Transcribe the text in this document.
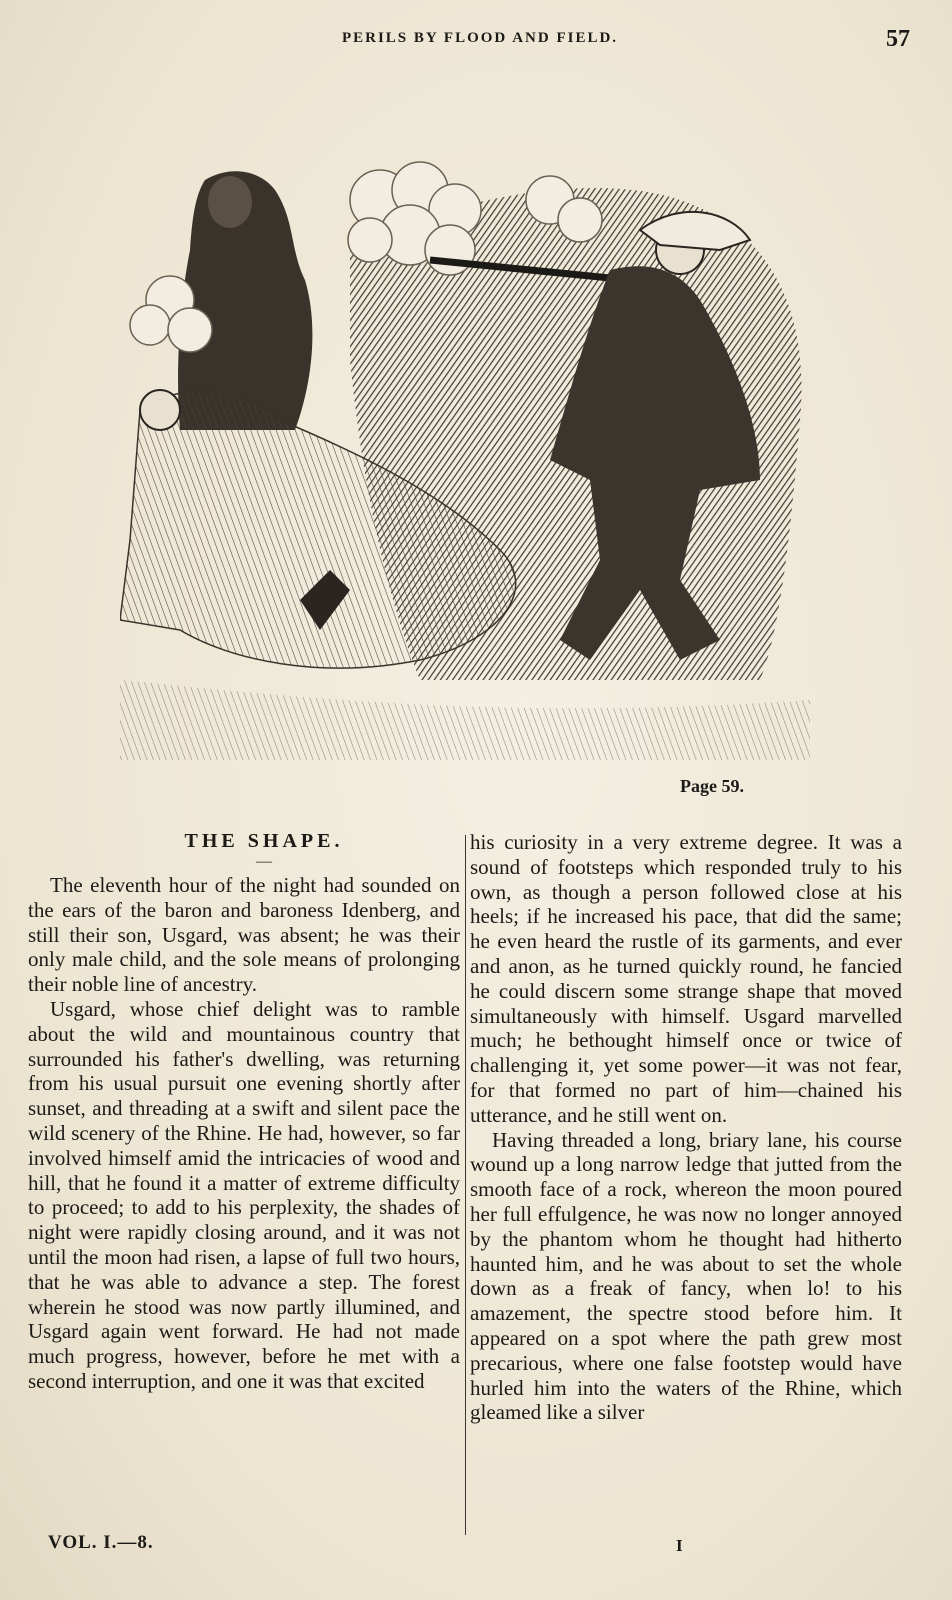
PERILS BY FLOOD AND FIELD.	57
Page 59.
THE SHAPE.
—

The eleventh hour of the night had sounded on the ears of the baron and baroness Idenberg, and still their son, Usgard, was absent; he was their only male child, and the sole means of prolonging their noble line of ancestry.

Usgard, whose chief delight was to ramble about the wild and mountainous country that surrounded his father's dwelling, was returning from his usual pursuit one evening shortly after sunset, and threading at a swift and silent pace the wild scenery of the Rhine. He had, however, so far involved himself amid the intricacies of wood and hill, that he found it a matter of extreme difficulty to proceed; to add to his perplexity, the shades of night were rapidly closing around, and it was not until the moon had risen, a lapse of full two hours, that he was able to advance a step. The forest wherein he stood was now partly illumined, and Usgard again went forward. He had not made much progress, however, before he met with a second interruption, and one it was that excited

his curiosity in a very extreme degree. It was a sound of footsteps which responded truly to his own, as though a person followed close at his heels; if he increased his pace, that did the same; he even heard the rustle of its garments, and ever and anon, as he turned quickly round, he fancied he could discern some strange shape that moved simultaneously with himself. Usgard marvelled much; he bethought himself once or twice of challenging it, yet some power—it was not fear, for that formed no part of him—chained his utterance, and he still went on.

Having threaded a long, briary lane, his course wound up a long narrow ledge that jutted from the smooth face of a rock, whereon the moon poured her full effulgence, he was now no longer annoyed by the phantom whom he thought had hitherto haunted him, and he was about to set the whole down as a freak of fancy, when lo! to his amazement, the spectre stood before him. It appeared on a spot where the path grew most precarious, where one false footstep would have hurled him into the waters of the Rhine, which gleamed like a silver

VOL. I.—8.	I
